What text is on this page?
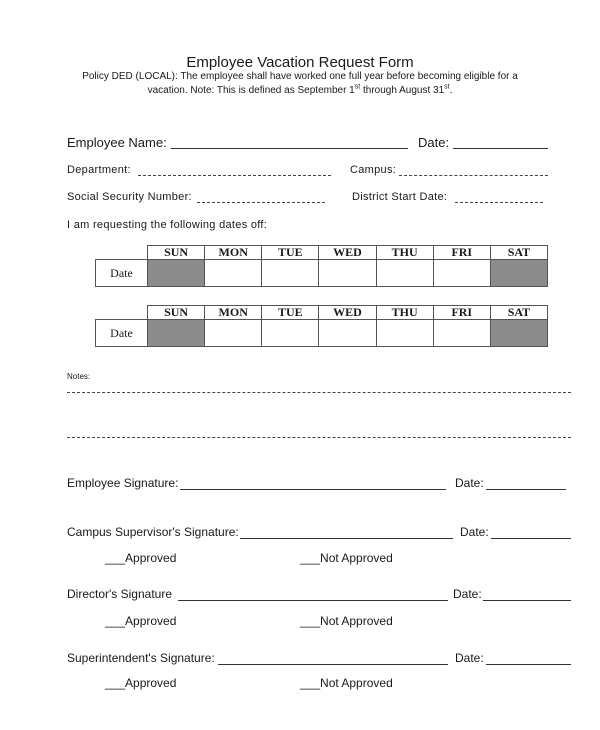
Employee Vacation Request Form
Policy DED (LOCAL): The employee shall have worked one full year before becoming eligible for a
vacation. Note: This is defined as September 1st through August 31st.
Employee Name:	Date:
Department:	Campus:
Social Security Number:	District Start Date:
I am requesting the following dates off:
	SUN	MON	TUE	WED	THU	FRI	SAT
Date							
	SUN	MON	TUE	WED	THU	FRI	SAT
Date							
Notes:
Employee Signature:	Date:
Campus Supervisor's Signature:	Date:
___Approved	___Not Approved
Director's Signature	Date:
___Approved	___Not Approved
Superintendent's Signature:	Date:
___Approved	___Not Approved
